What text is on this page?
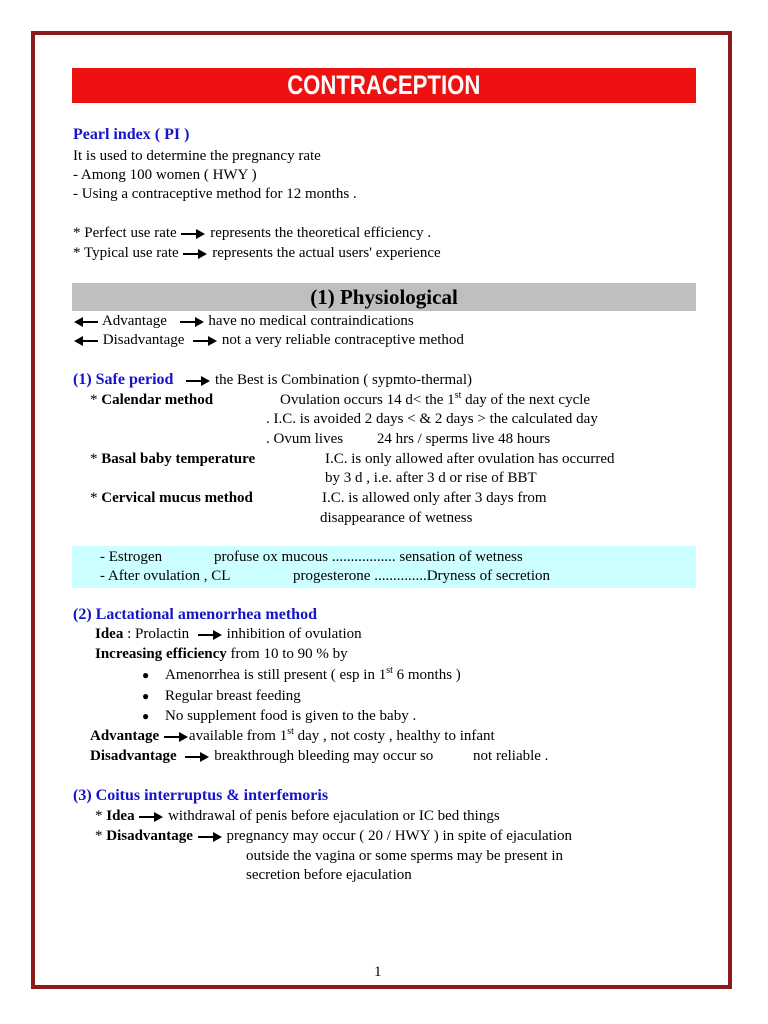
CONTRACEPTION
Pearl index ( PI )
It is used to determine the pregnancy rate
- Among 100 women ( HWY )
- Using a contraceptive method for 12 months .
* Perfect use rate represents the theoretical efficiency .
* Typical use rate represents the actual users' experience
(1) Physiological
Advantage	have no medical contraindications
Disadvantage	not a very reliable contraceptive method
(1) Safe period	the Best is Combination ( sypmto-thermal)
* Calendar method	Ovulation occurs 14 d< the 1st day of the next cycle
. I.C. is avoided 2 days < & 2 days > the calculated day
. Ovum lives 24 hrs / sperms live 48 hours
* Basal baby temperature	I.C. is only allowed after ovulation has occurred
by 3 d , i.e. after 3 d or rise of BBT
* Cervical mucus method	I.C. is allowed only after 3 days from
disappearance of wetness
- Estrogen	profuse ox mucous ................. sensation of wetness
- After ovulation , CL	progesterone ..............Dryness of secretion
(2) Lactational amenorrhea method
Idea : Prolactin	inhibition of ovulation
Increasing efficiency from 10 to 90 % by
● Amenorrhea is still present ( esp in 1st 6 months )
● Regular breast feeding
● No supplement food is given to the baby .
Advantage available from 1st day , not costy , healthy to infant
Disadvantage	breakthrough bleeding may occur so	not reliable .
(3) Coitus interruptus & interfemoris
* Idea withdrawal of penis before ejaculation or IC bed things
* Disadvantage pregnancy may occur ( 20 / HWY ) in spite of ejaculation
outside the vagina or some sperms may be present in
secretion before ejaculation
1
